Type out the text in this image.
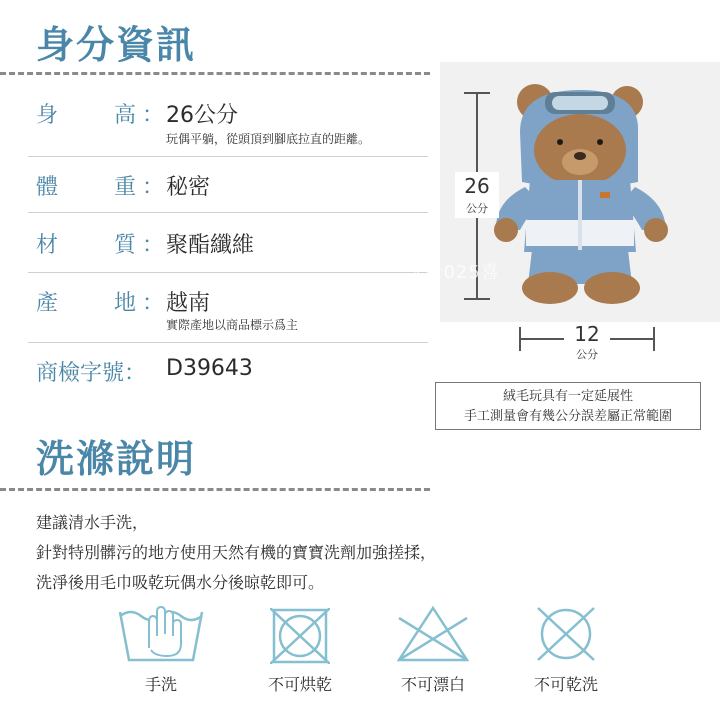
身分資訊
身	高 ： 26公分
玩偶平躺，從頭頂到腳底拉直的距離。
體	重 ： 秘密
材	質 ： 聚酯纖維
產	地 ： 越南
實際產地以商品標示爲主
商檢字號： D39643
26
公分
©2025喜
12
公分
絨毛玩具有一定延展性
手工測量會有幾公分誤差屬正常範圍
洗滌說明
建議清水手洗，
針對特別髒污的地方使用天然有機的寶寶洗劑加強搓揉，
洗淨後用毛巾吸乾玩偶水分後晾乾即可。
手洗	不可烘乾	不可漂白	不可乾洗
